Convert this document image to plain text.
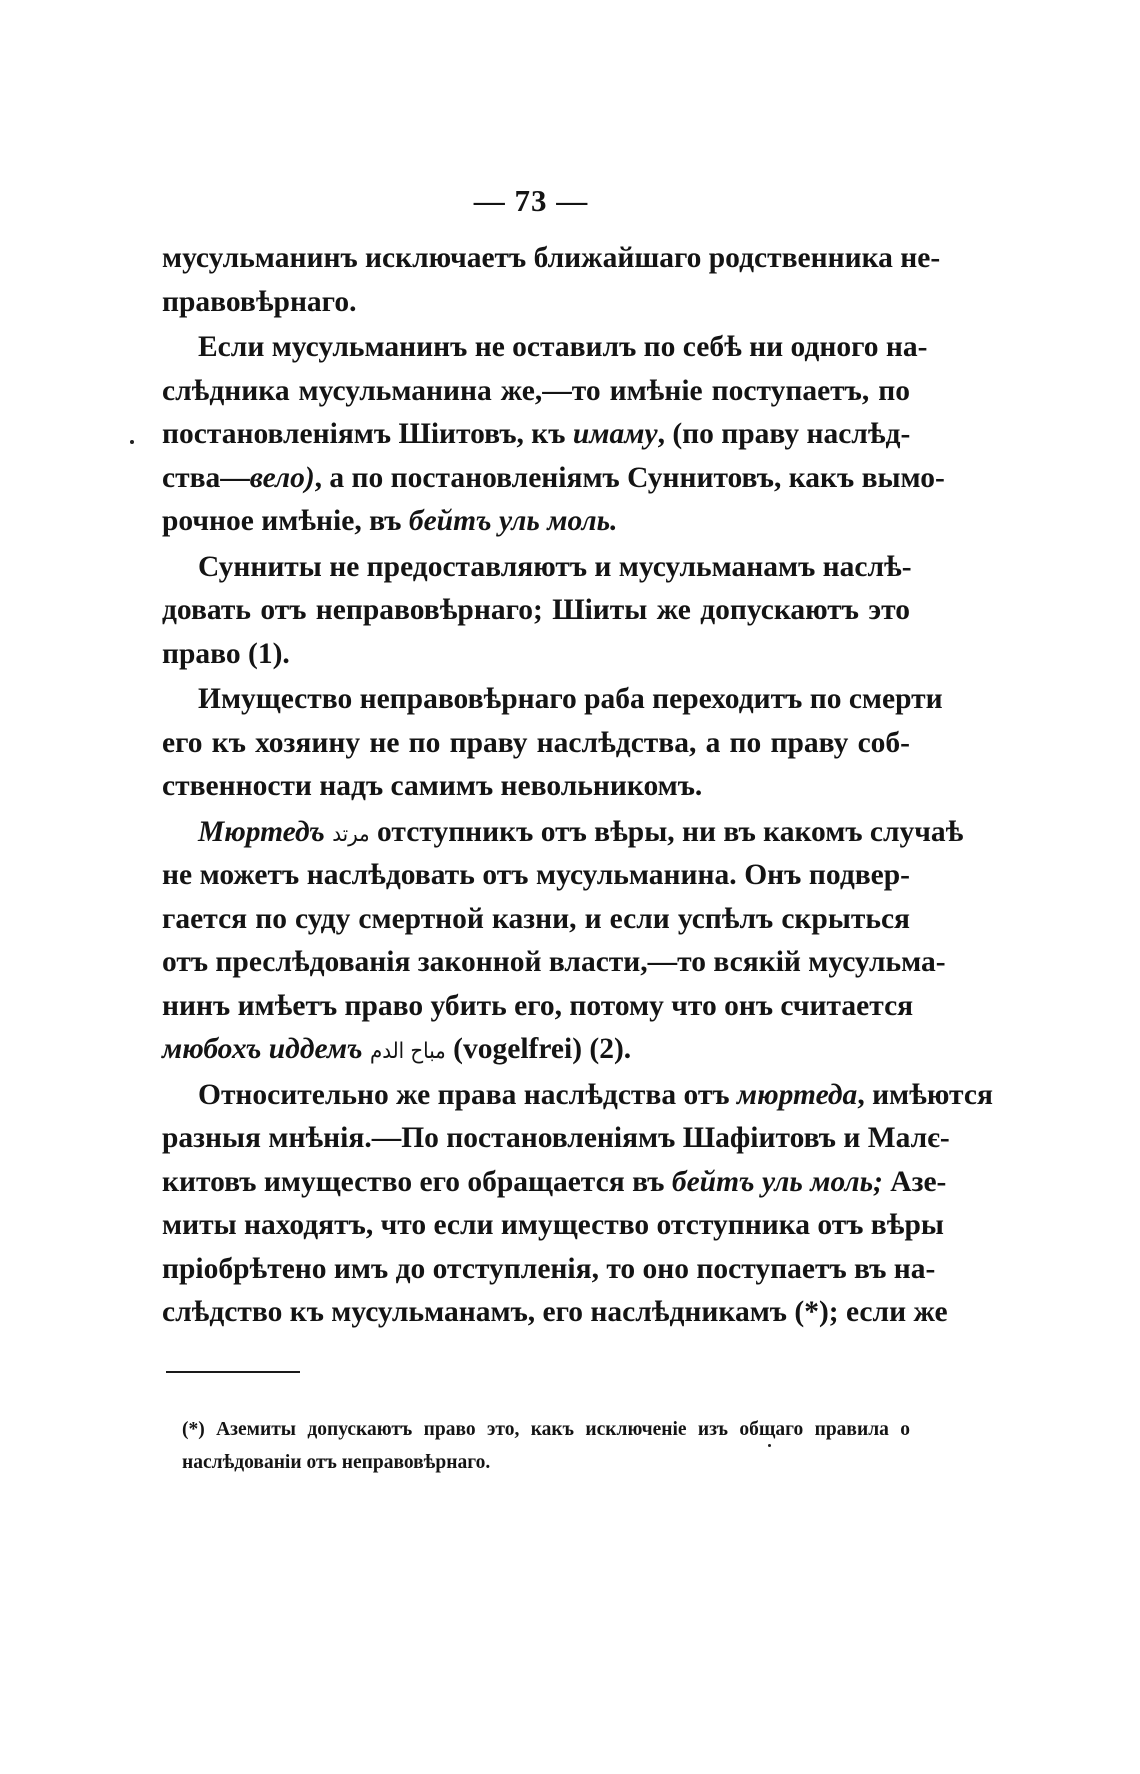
— 73 —
мусульманинъ исключаетъ ближайшаго родственника не-
правовѣрнаго.
Если мусульманинъ не оставилъ по себѣ ни одного на-
слѣдника мусульманина же,—то имѣніе поступаетъ, по
постановленіямъ Шіитовъ, къ имаму, (по праву наслѣд-
ства—вело), а по постановленіямъ Суннитовъ, какъ вымо-
рочное имѣніе, въ бейтъ уль моль.
Сунниты не предоставляютъ и мусульманамъ наслѣ-
довать отъ неправовѣрнаго; Шіиты же допускаютъ это
право (1).
Имущество неправовѣрнаго раба переходитъ по смерти
его къ хозяину не по праву наслѣдства, а по праву соб-
ственности надъ самимъ невольникомъ.
Мюртедъ مرتد отступникъ отъ вѣры, ни въ какомъ случаѣ
не можетъ наслѣдовать отъ мусульманина. Онъ подвер-
гается по суду смертной казни, и если успѣлъ скрыться
отъ преслѣдованія законной власти,—то всякій мусульма-
нинъ имѣетъ право убить его, потому что онъ считается
мюбохъ иддемъ مباح الدم (vogelfrei) (2).
Относительно же права наслѣдства отъ мюртеда, имѣются
разныя мнѣнія.—По постановленіямъ Шафіитовъ и Малє-
китовъ имущество его обращается въ бейтъ уль моль; Азе-
миты находятъ, что если имущество отступника отъ вѣры
пріобрѣтено имъ до отступленія, то оно поступаетъ въ на-
слѣдство къ мусульманамъ, его наслѣдникамъ (*); если же
(*) Аземиты допускаютъ право это, какъ исключеніе изъ общаго правила о
наслѣдованіи отъ неправовѣрнаго.
